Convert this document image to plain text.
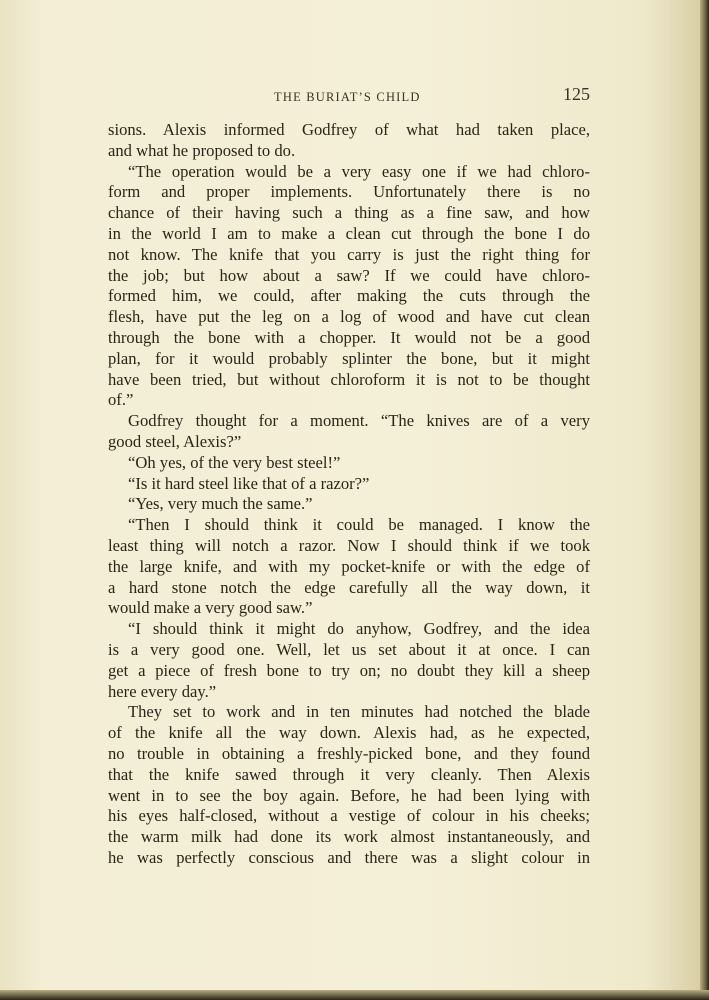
THE BURIAT’S CHILD	125
sions. Alexis informed Godfrey of what had taken place,
and what he proposed to do.
“The operation would be a very easy one if we had chloro-
form and proper implements. Unfortunately there is no
chance of their having such a thing as a fine saw, and how
in the world I am to make a clean cut through the bone I do
not know. The knife that you carry is just the right thing for
the job; but how about a saw? If we could have chloro-
formed him, we could, after making the cuts through the
flesh, have put the leg on a log of wood and have cut clean
through the bone with a chopper. It would not be a good
plan, for it would probably splinter the bone, but it might
have been tried, but without chloroform it is not to be thought
of.”
Godfrey thought for a moment. “The knives are of a very
good steel, Alexis?”
“Oh yes, of the very best steel!”
“Is it hard steel like that of a razor?”
“Yes, very much the same.”
“Then I should think it could be managed. I know the
least thing will notch a razor. Now I should think if we took
the large knife, and with my pocket-knife or with the edge of
a hard stone notch the edge carefully all the way down, it
would make a very good saw.”
“I should think it might do anyhow, Godfrey, and the idea
is a very good one. Well, let us set about it at once. I can
get a piece of fresh bone to try on; no doubt they kill a sheep
here every day.”
They set to work and in ten minutes had notched the blade
of the knife all the way down. Alexis had, as he expected,
no trouble in obtaining a freshly-picked bone, and they found
that the knife sawed through it very cleanly. Then Alexis
went in to see the boy again. Before, he had been lying with
his eyes half-closed, without a vestige of colour in his cheeks;
the warm milk had done its work almost instantaneously, and
he was perfectly conscious and there was a slight colour in
